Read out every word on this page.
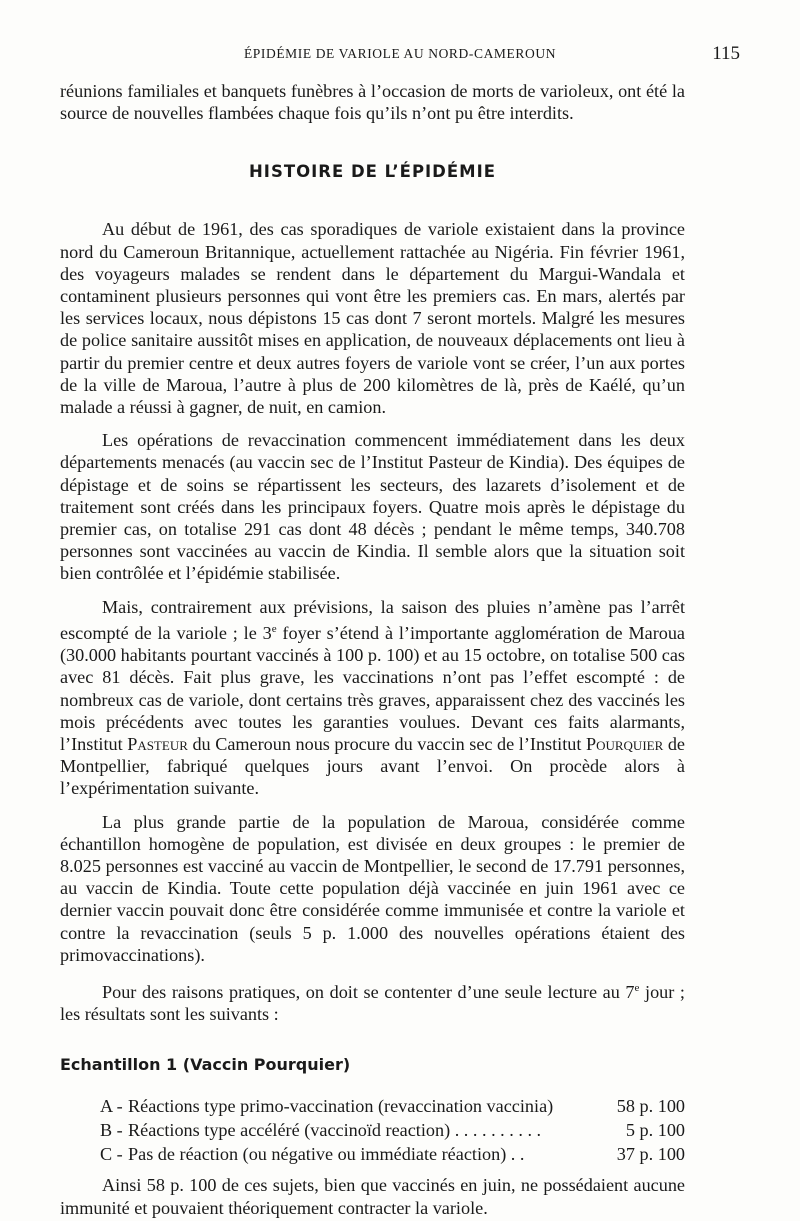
ÉPIDÉMIE DE VARIOLE AU NORD-CAMEROUN	115

réunions familiales et banquets funèbres à l’occasion de morts de varioleux, ont été la source de nouvelles flambées chaque fois qu’ils n’ont pu être interdits.

HISTOIRE DE L’ÉPIDÉMIE

Au début de 1961, des cas sporadiques de variole existaient dans la province nord du Cameroun Britannique, actuellement rattachée au Nigéria. Fin février 1961, des voyageurs malades se rendent dans le département du Margui-Wandala et contaminent plusieurs personnes qui vont être les premiers cas. En mars, alertés par les services locaux, nous dépistons 15 cas dont 7 seront mortels. Malgré les mesures de police sanitaire aussitôt mises en application, de nouveaux déplacements ont lieu à partir du premier centre et deux autres foyers de variole vont se créer, l’un aux portes de la ville de Maroua, l’autre à plus de 200 kilomètres de là, près de Kaélé, qu’un malade a réussi à gagner, de nuit, en camion.

Les opérations de revaccination commencent immédiatement dans les deux départements menacés (au vaccin sec de l’Institut Pasteur de Kindia). Des équipes de dépistage et de soins se répartissent les secteurs, des lazarets d’isolement et de traitement sont créés dans les principaux foyers. Quatre mois après le dépistage du premier cas, on totalise 291 cas dont 48 décès ; pendant le même temps, 340.708 personnes sont vaccinées au vaccin de Kindia. Il semble alors que la situation soit bien contrôlée et l’épidémie stabilisée.

Mais, contrairement aux prévisions, la saison des pluies n’amène pas l’arrêt escompté de la variole ; le 3e foyer s’étend à l’importante agglomération de Maroua (30.000 habitants pourtant vaccinés à 100 p. 100) et au 15 octobre, on totalise 500 cas avec 81 décès. Fait plus grave, les vaccinations n’ont pas l’effet escompté : de nombreux cas de variole, dont certains très graves, apparaissent chez des vaccinés les mois précédents avec toutes les garanties voulues. Devant ces faits alarmants, l’Institut Pasteur du Cameroun nous procure du vaccin sec de l’Institut Pourquier de Montpellier, fabriqué quelques jours avant l’envoi. On procède alors à l’expérimentation suivante.

La plus grande partie de la population de Maroua, considérée comme échantillon homogène de population, est divisée en deux groupes : le premier de 8.025 personnes est vacciné au vaccin de Montpellier, le second de 17.791 personnes, au vaccin de Kindia. Toute cette population déjà vaccinée en juin 1961 avec ce dernier vaccin pouvait donc être considérée comme immunisée et contre la variole et contre la revaccination (seuls 5 p. 1.000 des nouvelles opérations étaient des primovaccinations).

Pour des raisons pratiques, on doit se contenter d’une seule lecture au 7e jour ; les résultats sont les suivants :

Echantillon 1 (Vaccin Pourquier)
A - Réactions type primo-vaccination (revaccination vaccinia)	58 p. 100
B - Réactions type accéléré (vaccinoïd reaction) . . . . . . . . . .	5 p. 100
C - Pas de réaction (ou négative ou immédiate réaction) . .	37 p. 100

Ainsi 58 p. 100 de ces sujets, bien que vaccinés en juin, ne possédaient aucune immunité et pouvaient théoriquement contracter la variole.
